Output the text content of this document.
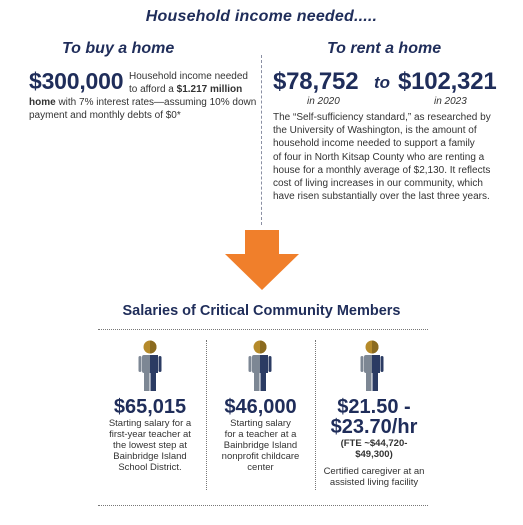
Household income needed.....
To buy a home
$300,000 Household income needed
to afford a $1.217 million
home with 7% interest rates—assuming 10% down
payment and monthly debts of $0*
To rent a home
$78,752 to $102,321
in 2020	in 2023
The “Self-sufficiency standard,” as researched by
the University of Washington, is the amount of
household income needed to support a family
of four in North Kitsap County who are renting a
house for a monthly average of $2,130. It reflects
cost of living increases in our community, which
have risen substantially over the last three years.
Salaries of Critical Community Members
$65,015
Starting salary for a
first-year teacher at
the lowest step at
Bainbridge Island
School District.
$46,000
Starting salary
for a teacher at a
Bainbridge Island
nonprofit childcare
center
$21.50 -
$23.70/hr
(FTE ~$44,720-
$49,300)
Certified caregiver at an
assisted living facility
